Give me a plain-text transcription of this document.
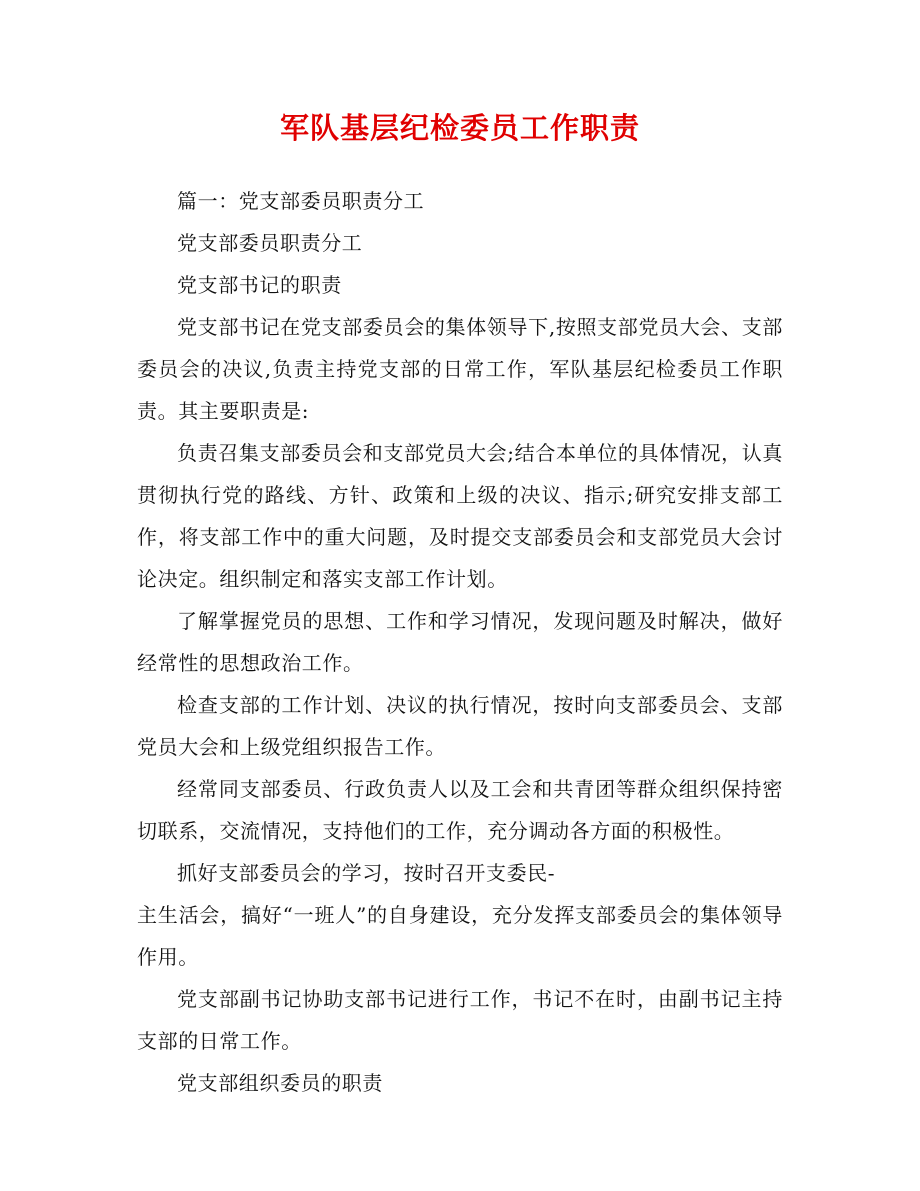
军队基层纪检委员工作职责

篇一：党支部委员职责分工

党支部委员职责分工

党支部书记的职责

党支部书记在党支部委员会的集体领导下,按照支部党员大会、支部委员会的决议,负责主持党支部的日常工作，军队基层纪检委员工作职责。其主要职责是:

负责召集支部委员会和支部党员大会;结合本单位的具体情况，认真贯彻执行党的路线、方针、政策和上级的决议、指示;研究安排支部工作，将支部工作中的重大问题，及时提交支部委员会和支部党员大会讨论决定。组织制定和落实支部工作计划。

了解掌握党员的思想、工作和学习情况，发现问题及时解决，做好经常性的思想政治工作。

检查支部的工作计划、决议的执行情况，按时向支部委员会、支部党员大会和上级党组织报告工作。

经常同支部委员、行政负责人以及工会和共青团等群众组织保持密切联系，交流情况，支持他们的工作，充分调动各方面的积极性。

抓好支部委员会的学习，按时召开支委民-

主生活会，搞好“一班人”的自身建设，充分发挥支部委员会的集体领导作用。

党支部副书记协助支部书记进行工作，书记不在时，由副书记主持支部的日常工作。

党支部组织委员的职责
